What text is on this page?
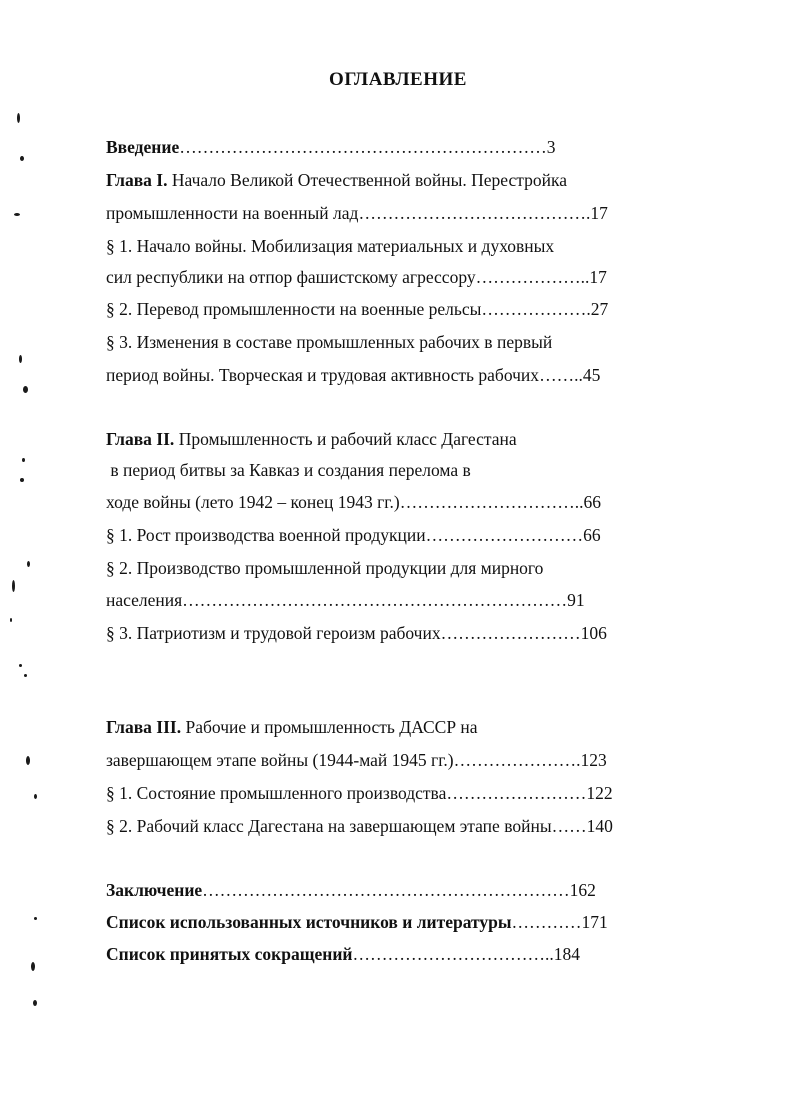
ОГЛАВЛЕНИЕ
Введение………………………………………………………3
Глава I. Начало Великой Отечественной войны. Перестройка
промышленности на военный лад………………………………….17
§ 1. Начало войны. Мобилизация материальных и духовных
сил республики на отпор фашистскому агрессору………………..17
§ 2. Перевод промышленности на военные рельсы……………….27
§ 3. Изменения в составе промышленных рабочих в первый
период войны. Творческая и трудовая активность рабочих……..45
Глава II. Промышленность и рабочий класс Дагестана
в период битвы за Кавказ и создания перелома в
ходе войны (лето 1942 – конец 1943 гг.)…………………………..66
§ 1. Рост производства военной продукции………………………66
§ 2. Производство промышленной продукции для мирного
населения…………………………………………………………91
§ 3. Патриотизм и трудовой героизм рабочих……………………106
Глава III. Рабочие и промышленность ДАССР на
завершающем этапе войны (1944-май 1945 гг.)………………….123
§ 1. Состояние промышленного производства……………………122
§ 2. Рабочий класс Дагестана на завершающем этапе войны……140
Заключение………………………………………………………162
Список использованных источников и литературы…………171
Список принятых сокращений……………………………..184
